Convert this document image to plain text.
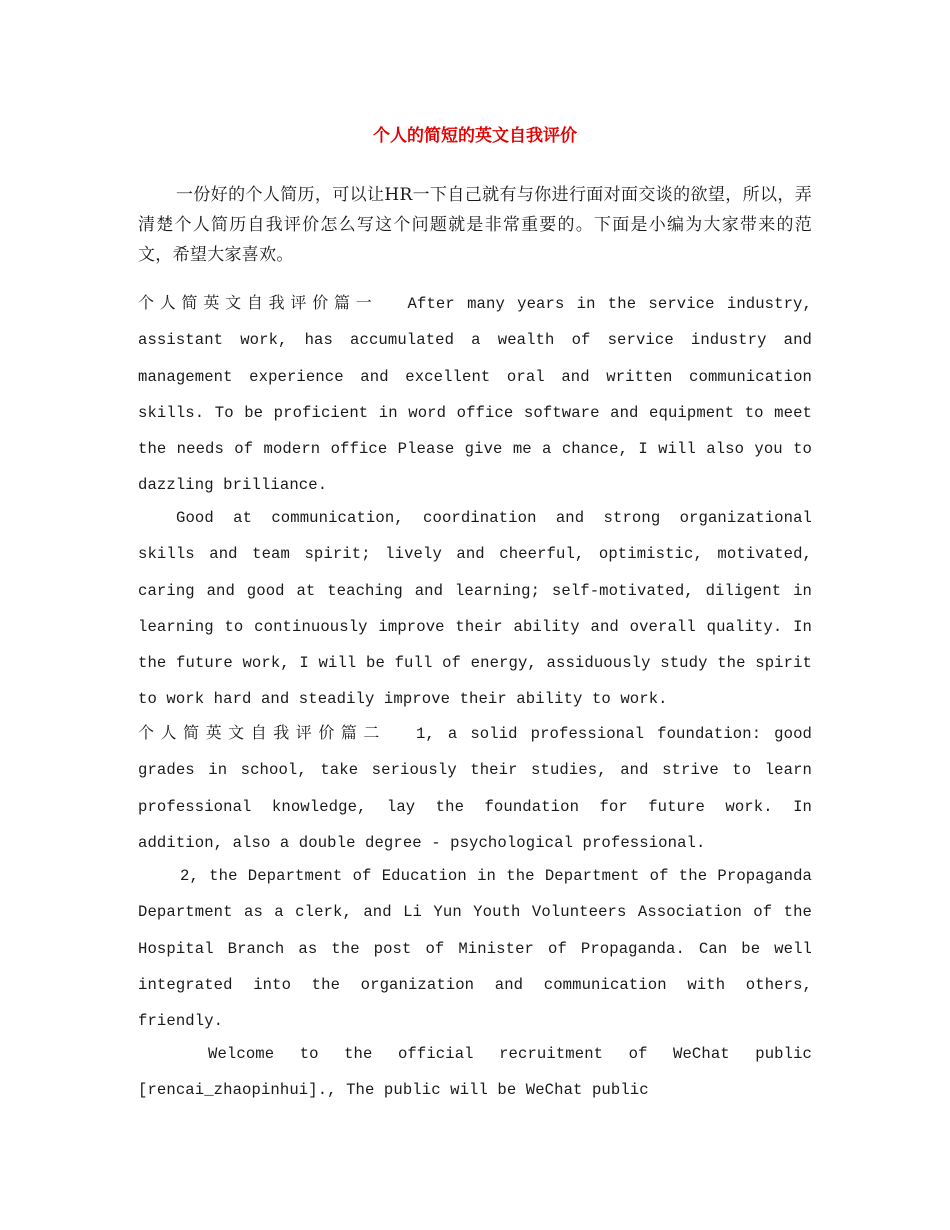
个人的简短的英文自我评价
一份好的个人简历，可以让HR一下自己就有与你进行面对面交谈的欲望，所以，弄清楚个人简历自我评价怎么写这个问题就是非常重要的。下面是小编为大家带来的范文，希望大家喜欢。
个人简英文自我评价篇一 After many years in the service industry, assistant work, has accumulated a wealth of service industry and management experience and excellent oral and written communication skills. To be proficient in word office software and equipment to meet the needs of modern office Please give me a chance, I will also you to dazzling brilliance.
Good at communication, coordination and strong organizational skills and team spirit; lively and cheerful, optimistic, motivated, caring and good at teaching and learning; self-motivated, diligent in learning to continuously improve their ability and overall quality. In the future work, I will be full of energy, assiduously study the spirit to work hard and steadily improve their ability to work.
个人简英文自我评价篇二 1, a solid professional foundation: good grades in school, take seriously their studies, and strive to learn professional knowledge, lay the foundation for future work. In addition, also a double degree - psychological professional.
2, the Department of Education in the Department of the Propaganda Department as a clerk, and Li Yun Youth Volunteers Association of the Hospital Branch as the post of Minister of Propaganda. Can be well integrated into the organization and communication with others, friendly.
Welcome to the official recruitment of WeChat public [rencai_zhaopinhui]., The public will be WeChat public
